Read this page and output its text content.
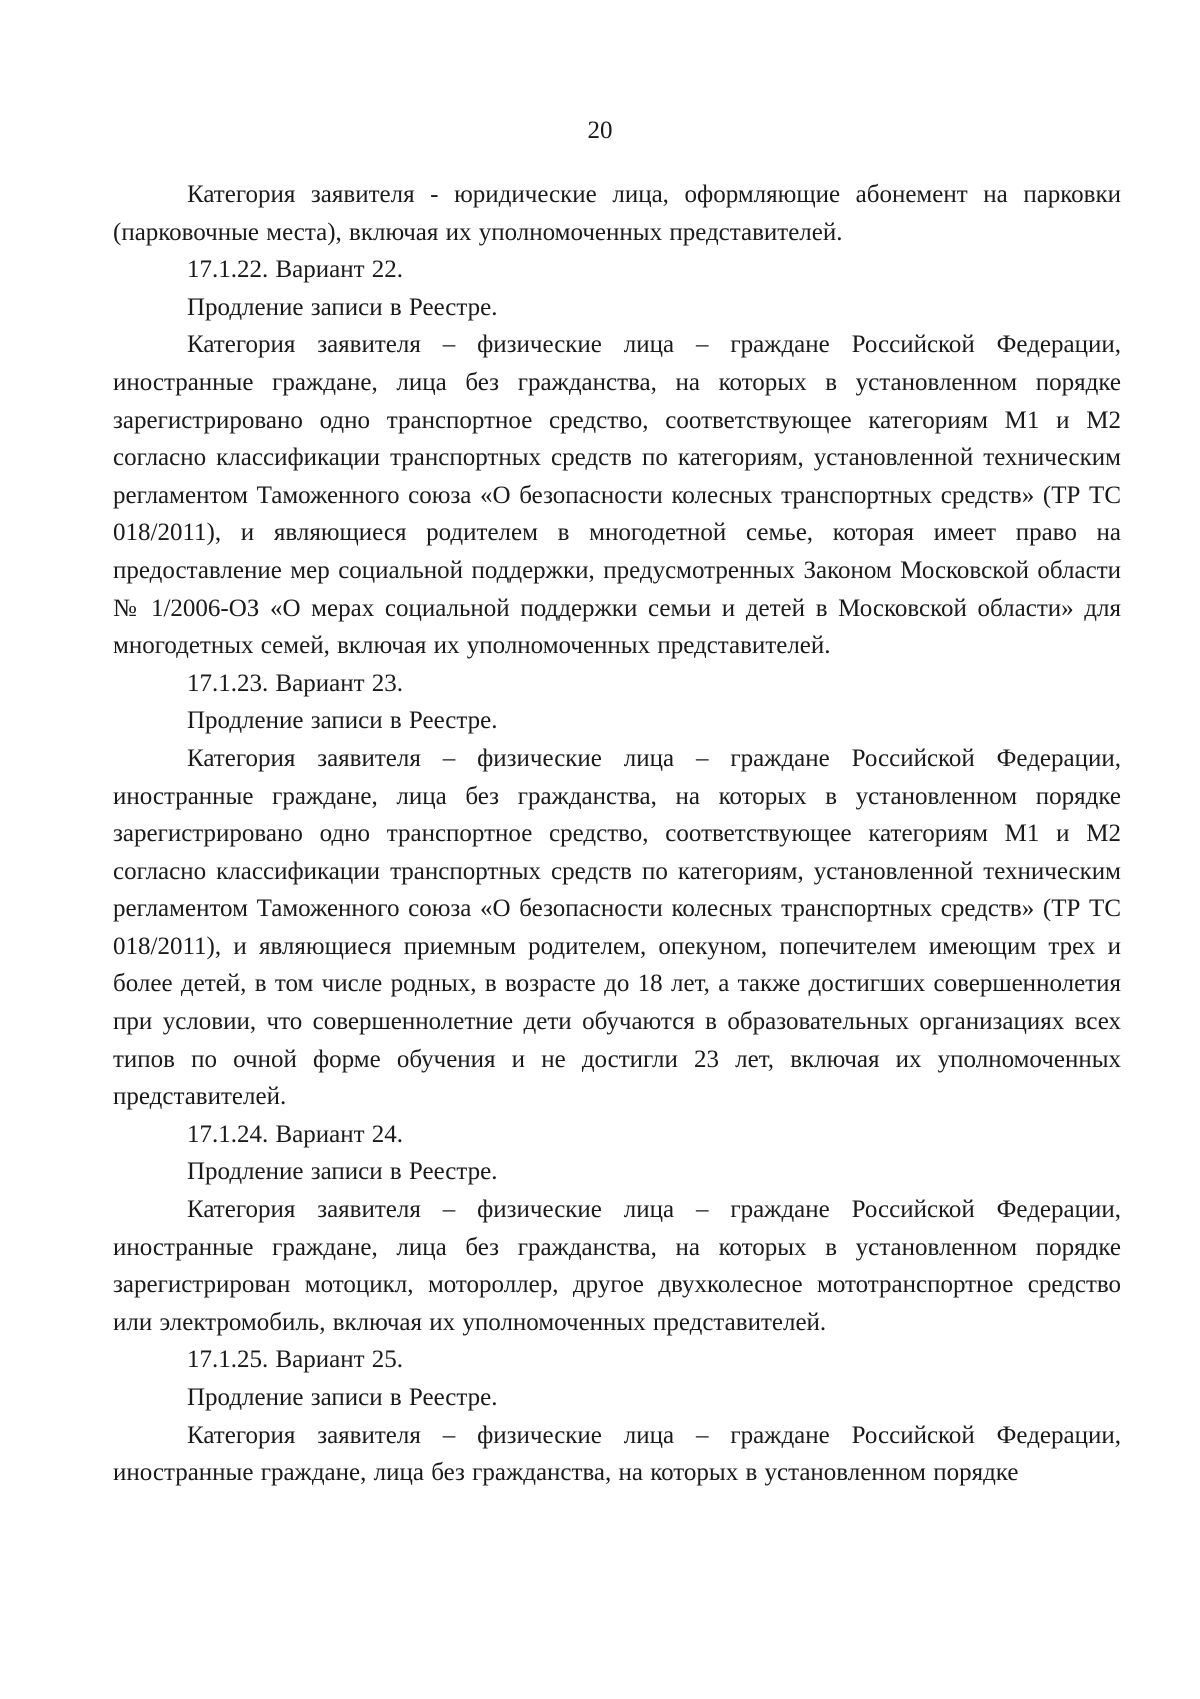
20

Категория заявителя - юридические лица, оформляющие абонемент на парковки (парковочные места), включая их уполномоченных представителей.

17.1.22. Вариант 22.

Продление записи в Реестре.

Категория заявителя – физические лица – граждане Российской Федерации, иностранные граждане, лица без гражданства, на которых в установленном порядке зарегистрировано одно транспортное средство, соответствующее категориям М1 и М2 согласно классификации транспортных средств по категориям, установленной техническим регламентом Таможенного союза «О безопасности колесных транспортных средств» (ТР ТС 018/2011), и являющиеся родителем в многодетной семье, которая имеет право на предоставление мер социальной поддержки, предусмотренных Законом Московской области № 1/2006-ОЗ «О мерах социальной поддержки семьи и детей в Московской области» для многодетных семей, включая их уполномоченных представителей.

17.1.23. Вариант 23.

Продление записи в Реестре.

Категория заявителя – физические лица – граждане Российской Федерации, иностранные граждане, лица без гражданства, на которых в установленном порядке зарегистрировано одно транспортное средство, соответствующее категориям М1 и М2 согласно классификации транспортных средств по категориям, установленной техническим регламентом Таможенного союза «О безопасности колесных транспортных средств» (ТР ТС 018/2011), и являющиеся приемным родителем, опекуном, попечителем имеющим трех и более детей, в том числе родных, в возрасте до 18 лет, а также достигших совершеннолетия при условии, что совершеннолетние дети обучаются в образовательных организациях всех типов по очной форме обучения и не достигли 23 лет, включая их уполномоченных представителей.

17.1.24. Вариант 24.

Продление записи в Реестре.

Категория заявителя – физические лица – граждане Российской Федерации, иностранные граждане, лица без гражданства, на которых в установленном порядке зарегистрирован мотоцикл, мотороллер, другое двухколесное мототранспортное средство или электромобиль, включая их уполномоченных представителей.

17.1.25. Вариант 25.

Продление записи в Реестре.

Категория заявителя – физические лица – граждане Российской Федерации, иностранные граждане, лица без гражданства, на которых в установленном порядке
